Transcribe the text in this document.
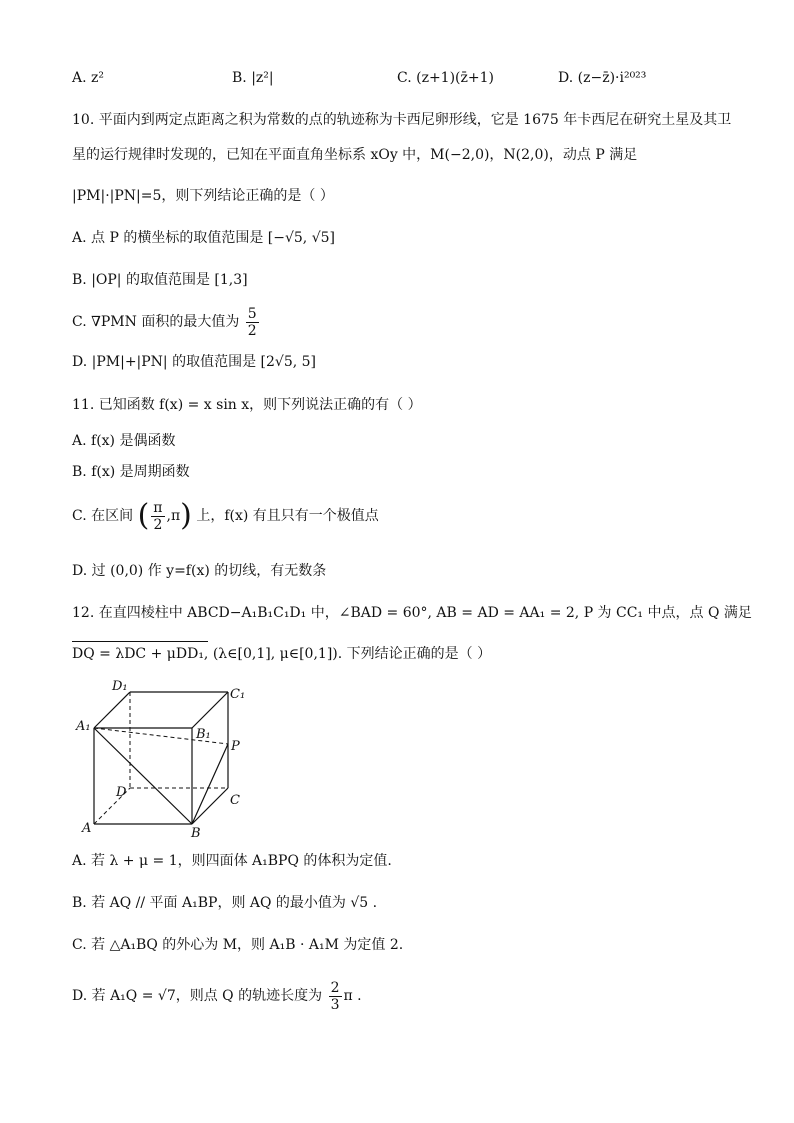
A. z²	B. |z²|	C. (z+1)(z̄+1)	D. (z−z̄)·i²⁰²³
10. 平面内到两定点距离之积为常数的点的轨迹称为卡西尼卵形线，它是 1675 年卡西尼在研究土星及其卫
星的运行规律时发现的，已知在平面直角坐标系 xOy 中，M(−2,0)，N(2,0)，动点 P 满足
|PM|·|PN|=5，则下列结论正确的是（ ）
A. 点 P 的横坐标的取值范围是 [−√5, √5]
B. |OP| 的取值范围是 [1,3]
C. ∇PMN 面积的最大值为 $\frac{5}{2}$
D. |PM|+|PN| 的取值范围是 [2√5, 5]
11. 已知函数 f(x) = x sin x，则下列说法正确的有（ ）
A. f(x) 是偶函数
B. f(x) 是周期函数
C. 在区间 ( $\frac{\pi}{2} ,\pi$) 上，f(x) 有且只有一个极值点
D. 过 (0,0) 作 y=f(x) 的切线，有无数条
12. 在直四棱柱中 ABCD−A₁B₁C₁D₁ 中，∠BAD = 60°, AB = AD = AA₁ = 2, P 为 CC₁ 中点，点 Q 满足
DQ = λDC + μDD₁, (λ∈[0,1], μ∈[0,1]). 下列结论正确的是（ ）
D₁
C₁
A₁
B₁
P
D
C
A	B
A. 若 λ + μ = 1，则四面体 A₁BPQ 的体积为定值.
B. 若 AQ // 平面 A₁BP，则 AQ 的最小值为 √5 .
C. 若 △A₁BQ 的外心为 M，则 A₁B · A₁M 为定值 2.
D. 若 A₁Q = √7，则点 Q 的轨迹长度为 $\frac{2}{3}$ π .
